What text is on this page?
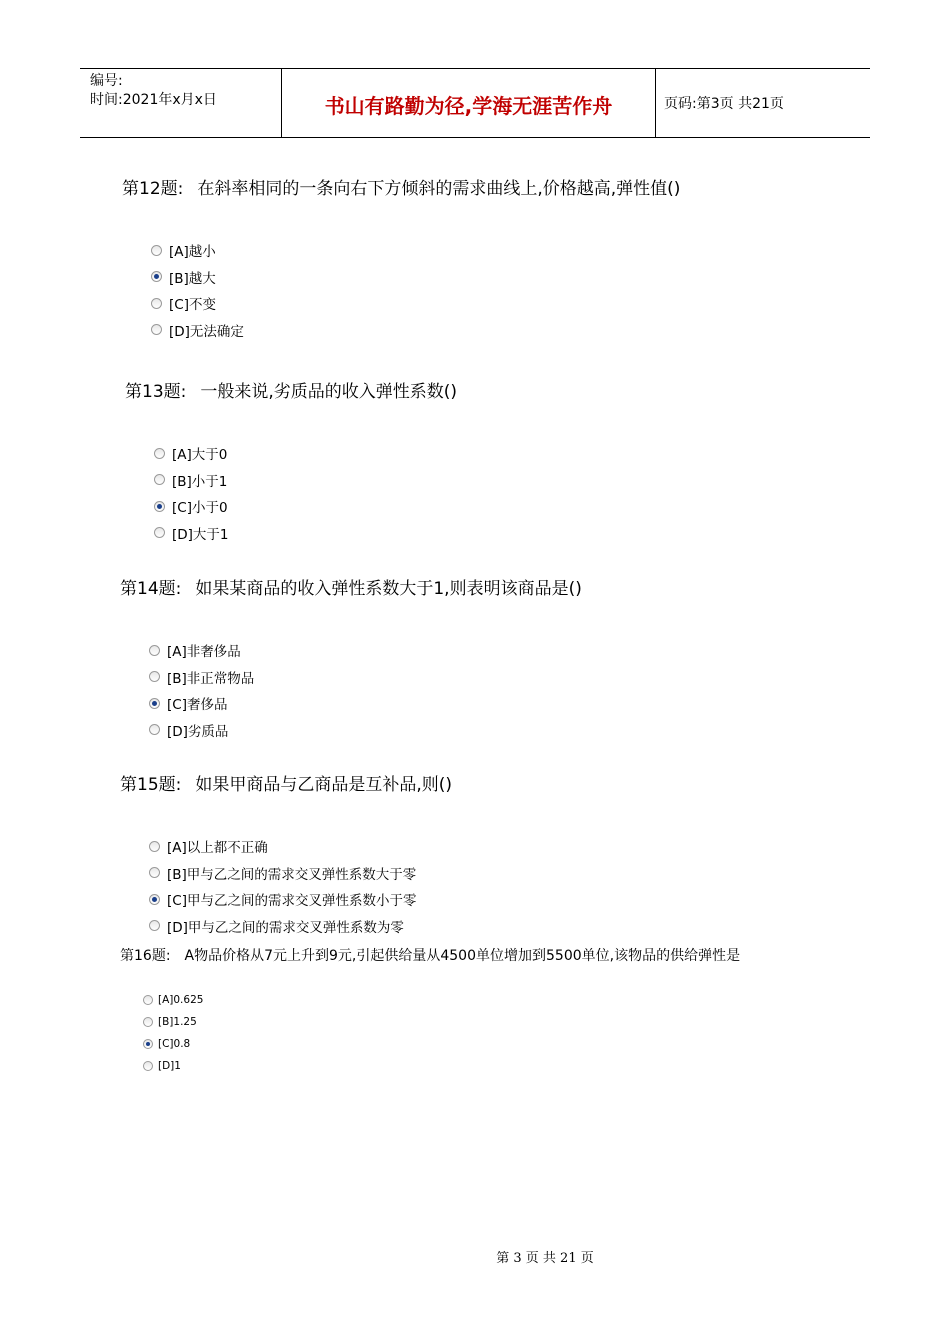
编号:
时间:2021年x月x日	书山有路勤为径,学海无涯苦作舟	页码:第3页 共21页
第12题: 在斜率相同的一条向右下方倾斜的需求曲线上,价格越高,弹性值()
[A]越小
[B]越大
[C]不变
[D]无法确定
第13题: 一般来说,劣质品的收入弹性系数()
[A]大于0
[B]小于1
[C]小于0
[D]大于1
第14题: 如果某商品的收入弹性系数大于1,则表明该商品是()
[A]非奢侈品
[B]非正常物品
[C]奢侈品
[D]劣质品
第15题: 如果甲商品与乙商品是互补品,则()
[A]以上都不正确
[B]甲与乙之间的需求交叉弹性系数大于零
[C]甲与乙之间的需求交叉弹性系数小于零
[D]甲与乙之间的需求交叉弹性系数为零
第16题: A物品价格从7元上升到9元,引起供给量从4500单位增加到5500单位,该物品的供给弹性是
[A]0.625
[B]1.25
[C]0.8
[D]1
第 3 页 共 21 页
